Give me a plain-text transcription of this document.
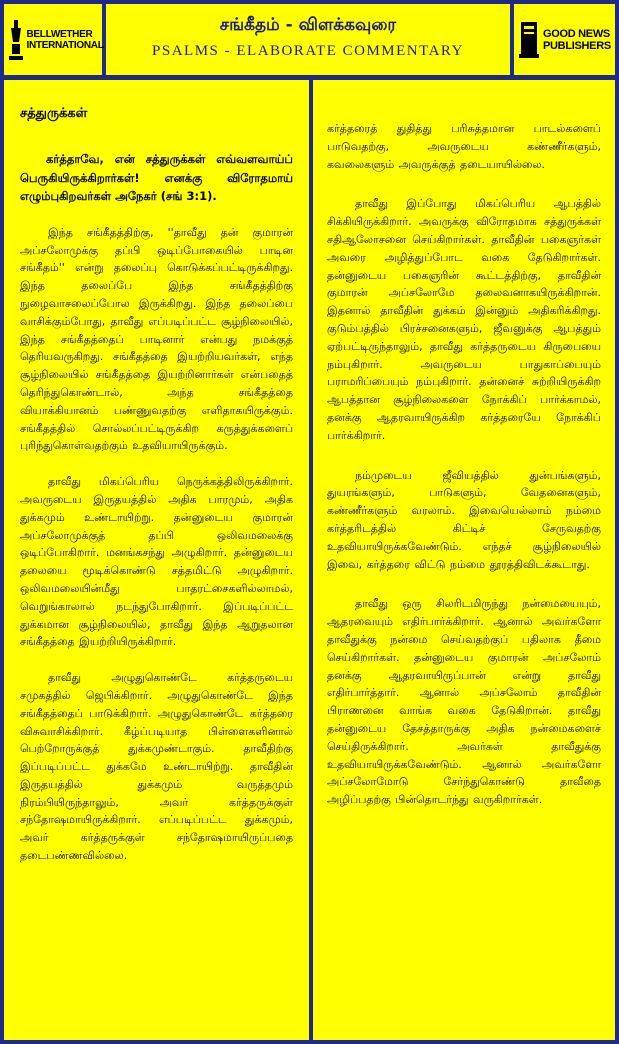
BELLWETHER INTERNATIONAL
சங்கீதம் - விளக்கவுரை
PSALMS - ELABORATE COMMENTARY
GOOD NEWS PUBLISHERS
சத்துருக்கள்
கர்த்தாவே, என் சத்துருக்கள் எவ்வளவாய்ப் பெருகியிருக்கிறார்கள்! எனக்கு விரோதமாய் எழும்புகிறவர்கள் அநேகர் (சங் 3:1).

இந்த சங்கீதத்திற்கு, ''தாவீது தன் குமாரன் அப்சலோமுக்கு தப்பி ஒடிப்போகையில் பாடின சங்கீதம்'' என்று தலைப்பு கொடுக்கப்பட்டிருக்கிறது. இந்த தலைப்பே இந்த சங்கீதத்திற்கு நுழைவாசலைப்போல இருக்கிறது. இந்த தலைப்பை வாசிக்கும்போது, தாவீது எப்படிப்பட்ட சூழ்நிலையில், இந்த சங்கீதத்தைப் பாடினார் என்பது நமக்குத் தெரியவருகிறது. சங்கீதத்தை இயற்றியவர்கள், எந்த சூழ்நிலையில் சங்கீதத்தை இயற்றினார்கள் என்பதைத் தெரிந்துகொண்டால், அந்த சங்கீதத்தை வியாக்கியானம் பண்ணுவதற்கு எளிதாகயிருக்கும். சங்கீதத்தில் சொல்லப்பட்டிருக்கிற கருத்துக்களைப் புரிந்துகொள்வதற்கும் உதவியாயிருக்கும்.

தாவீது மிகப்பெரிய நெருக்கத்திலிருக்கிறார். அவருடைய இருதயத்தில் அதிக பாரமும், அதிக துக்கமும் உண்டாயிற்று. தன்னுடைய குமாரன் அப்சலோமுக்குத் தப்பி ஒலிவமலைக்கு ஒடிப்போகிறார். மனங்கசந்து அழுகிறார். தன்னுடைய தலையை மூடிக்கொண்டு சத்தமிட்டு அழுகிறார். ஒலிவமலையின்மீது பாதரட்சைகளில்லாமல், வெறுங்காலால் நடந்துபோகிறார். இப்படிப்பட்ட துக்கமான சூழ்நிலையில், தாவீது இந்த ஆறுதலான சங்கீதத்தை இயற்றியிருக்கிறார்.

தாவீது அழுதுகொண்டே கர்த்தருடைய சமுகத்தில் ஜெபிக்கிறார். அழுதுகொண்டே இந்த சங்கீதத்தைப் பாடுக்கிறார். அழுதுகொண்டே கர்த்தரை விசுவாசிக்கிறார். கீழ்ப்படியாத பிள்ளைகளினால் பெற்றோருக்குத் துக்கமுண்டாகும். தாவீதிற்கு இப்படிப்பட்ட துக்கமே உண்டாயிற்று. தாவீதின் இருதயத்தில் துக்கமும் வருத்தமும் நிரம்பியிருந்தாலும், அவர் கர்த்தருக்குள் சந்தோஷமாயிருக்கிறார். எப்படிப்பட்ட துக்கமும், அவர் கர்த்தருக்குள் சந்தோஷமாயிருப்பதை தடைபண்ணவில்லை.

கர்த்தரைத் துதித்து பரிசுத்தமான பாடல்களைப் பாடுவதற்கு, அவருடைய கண்ணீர்களும், கவலைகளும் அவருக்குத் தடையாயில்லை.

தாவீது இப்போது மிகப்பெரிய ஆபத்தில் சிக்கியிருக்கிறார். அவருக்கு விரோதமாக சத்துருக்கள் சதிஆலோசனை செய்கிறார்கள். தாவீதின் பகைஞர்கள் அவரை அழித்துப்போட வகை தேடுகிறார்கள். தன்னுடைய பகைஞரின் கூட்டத்திற்கு, தாவீதின் குமாரன் அப்சலோமே தலைவனாகயிருக்கிறான். இதனால் தாவீதின் துக்கம் இன்னும் அதிகரிக்கிறது. குடும்பத்தில் பிரச்சனைகளும், ஜீவனுக்கு ஆபத்தும் ஏற்பட்டிருந்தாலும், தாவீது கர்த்தருடைய கிருபையை நம்புகிறார். அவருடைய பாதுகாப்பையும் பராமரிப்பையும் நம்புகிறார். தன்னைச் சுற்றியிருக்கிற ஆபத்தான சூழ்நிலைகளை நோக்கிப் பார்க்காமல், தனக்கு ஆதரவாயிருக்கிற கர்த்தரையே நோக்கிப் பார்க்கிறார்.

நம்முடைய ஜீவியத்தில் துன்பங்களும், துயரங்களும், பாடுகளும், வேதனைகளும், கண்ணீர்களும் வரலாம். இவையெல்லாம் நம்மை கர்த்தரிடத்தில் கிட்டிச் சேருவதற்கு உதவியாயிருக்கவேண்டும். எந்தச் சூழ்நிலையில் இவை, கர்த்தரை விட்டு நம்மை தூரத்திவிடக்கூடாது.

தாவீது ஒரு சிலரிடமிருந்து நன்மையையும், ஆதரவையும் எதிர்பார்க்கிறார். ஆனால் அவர்களோ தாவீதுக்கு நன்மை செய்வதற்குப் பதிலாக தீமை செய்கிறார்கள். தன்னுடைய குமாரன் அப்சலோம் தனக்கு ஆதரவாயிருப்பான் என்று தாவீது எதிர்பார்த்தார். ஆனால் அப்சலோம் தாவீதின் பிராணனை வாங்க வகை தேடுகிறான். தாவீது தன்னுடைய தேசத்தாருக்கு அதிக நன்மைகளைச் செய்திருக்கிறார். அவர்கள் தாவீதுக்கு உதவியாயிருக்கவேண்டும். ஆனால் அவர்களோ அப்சலோமோடு சேர்ந்துகொண்டு தாவீதை அழிப்பதற்கு பின்தொடர்ந்து வருகிறார்கள்.
